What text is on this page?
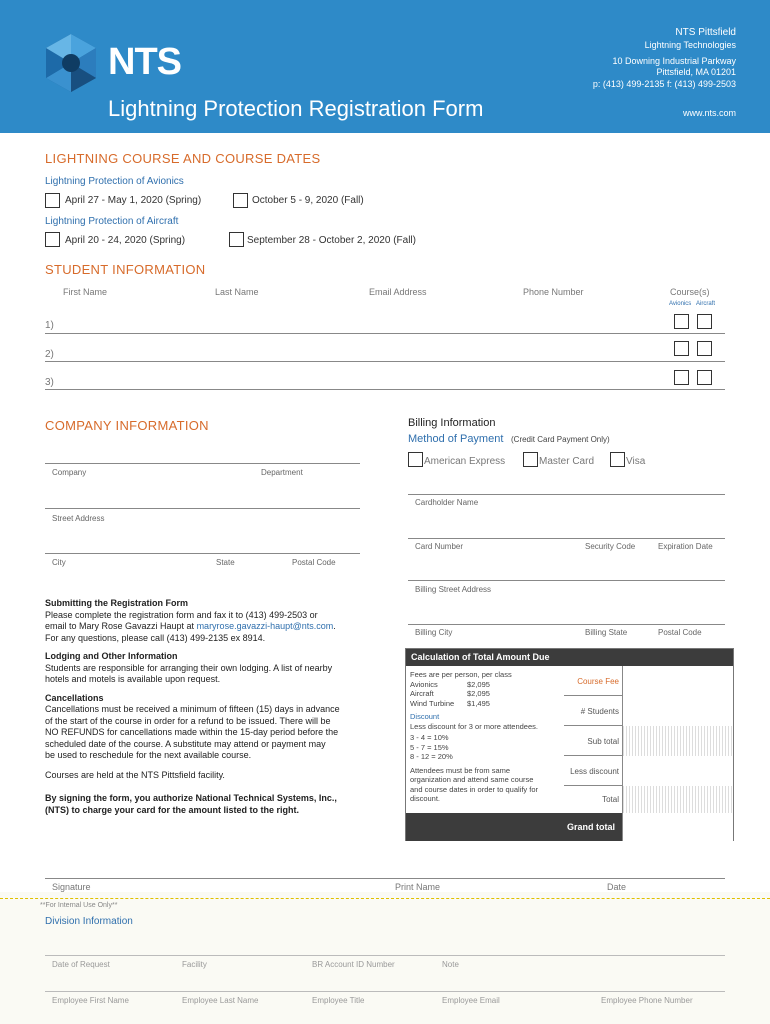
NTS
Lightning Protection Registration Form
NTS Pittsfield
Lightning Technologies
10 Downing Industrial Parkway
Pittsfield, MA 01201
p: (413) 499-2135 f: (413) 499-2503
www.nts.com
LIGHTNING COURSE AND COURSE DATES
Lightning Protection of Avionics
April 27 - May 1, 2020 (Spring)	October 5 - 9, 2020 (Fall)
Lightning Protection of Aircraft
April 20 - 24, 2020 (Spring)	September 28 - October 2, 2020 (Fall)
STUDENT INFORMATION
First Name	Last Name	Email Address	Phone Number	Course(s)
Avionics Aircraft
1)
2)
3)
COMPANY INFORMATION
Company	Department
Street Address
City	State	Postal Code
Billing Information
Method of Payment (Credit Card Payment Only)
American Express	Master Card	Visa
Cardholder Name
Card Number	Security Code	Expiration Date
Billing Street Address
Billing City	Billing State	Postal Code
Submitting the Registration Form
Please complete the registration form and fax it to (413) 499-2503 or
email to Mary Rose Gavazzi Haupt at maryrose.gavazzi-haupt@nts.com.
For any questions, please call (413) 499-2135 ex 8914.
Lodging and Other Information
Students are responsible for arranging their own lodging. A list of nearby
hotels and motels is available upon request.
Cancellations
Cancellations must be received a minimum of fifteen (15) days in advance
of the start of the course in order for a refund to be issued. There will be
NO REFUNDS for cancellations made within the 15-day period before the
scheduled date of the course. A substitute may attend or payment may
be used to reschedule for the next available course.
Courses are held at the NTS Pittsfield facility.
By signing the form, you authorize National Technical Systems, Inc.,
(NTS) to charge your card for the amount listed to the right.
Calculation of Total Amount Due
Fees are per person, per class
Avionics	$2,095
Aircraft	$2,095
Wind Turbine $1,495
Discount
Less discount for 3 or more attendees.
3 - 4 = 10%
5 - 7 = 15%
8 - 12 = 20%
Attendees must be from same
organization and attend same course
and course dates in order to qualify for
discount.
Course Fee
# Students
Sub total
Less discount
Total
Grand total
Signature	Print Name	Date
**For Internal Use Only**
Division Information
Date of Request	Facility	BR Account ID Number	Note
Employee First Name	Employee Last Name	Employee Title	Employee Email	Employee Phone Number
